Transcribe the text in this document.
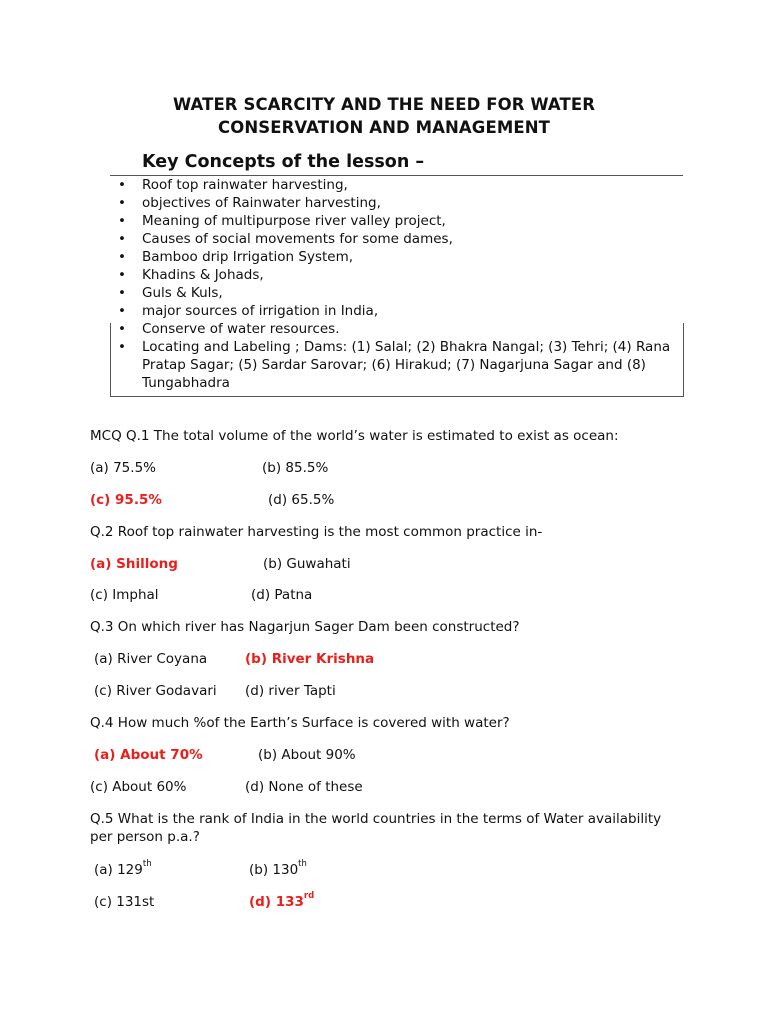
WATER SCARCITY AND THE NEED FOR WATER
CONSERVATION AND MANAGEMENT
Key Concepts of the lesson –
• Roof top rainwater harvesting,
• objectives of Rainwater harvesting,
• Meaning of multipurpose river valley project,
• Causes of social movements for some dames,
• Bamboo drip Irrigation System,
• Khadins & Johads,
• Guls & Kuls,
• major sources of irrigation in India,
• Conserve of water resources.
• Locating and Labeling ; Dams: (1) Salal; (2) Bhakra Nangal; (3) Tehri; (4) Rana Pratap Sagar; (5) Sardar Sarovar; (6) Hirakud; (7) Nagarjuna Sagar and (8) Tungabhadra
MCQ Q.1 The total volume of the world’s water is estimated to exist as ocean:
(a) 75.5%	(b) 85.5%
(c) 95.5%	(d) 65.5%
Q.2 Roof top rainwater harvesting is the most common practice in-
(a) Shillong	(b) Guwahati
(c) Imphal	(d) Patna
Q.3 On which river has Nagarjun Sager Dam been constructed?
(a) River Coyana	(b) River Krishna
(c) River Godavari (d) river Tapti
Q.4 How much %of the Earth’s Surface is covered with water?
(a) About 70%	(b) About 90%
(c) About 60%	(d) None of these
Q.5 What is the rank of India in the world countries in the terms of Water availability
per person p.a.?
(a) 129th	(b) 130th
(c) 131st	(d) 133rd
